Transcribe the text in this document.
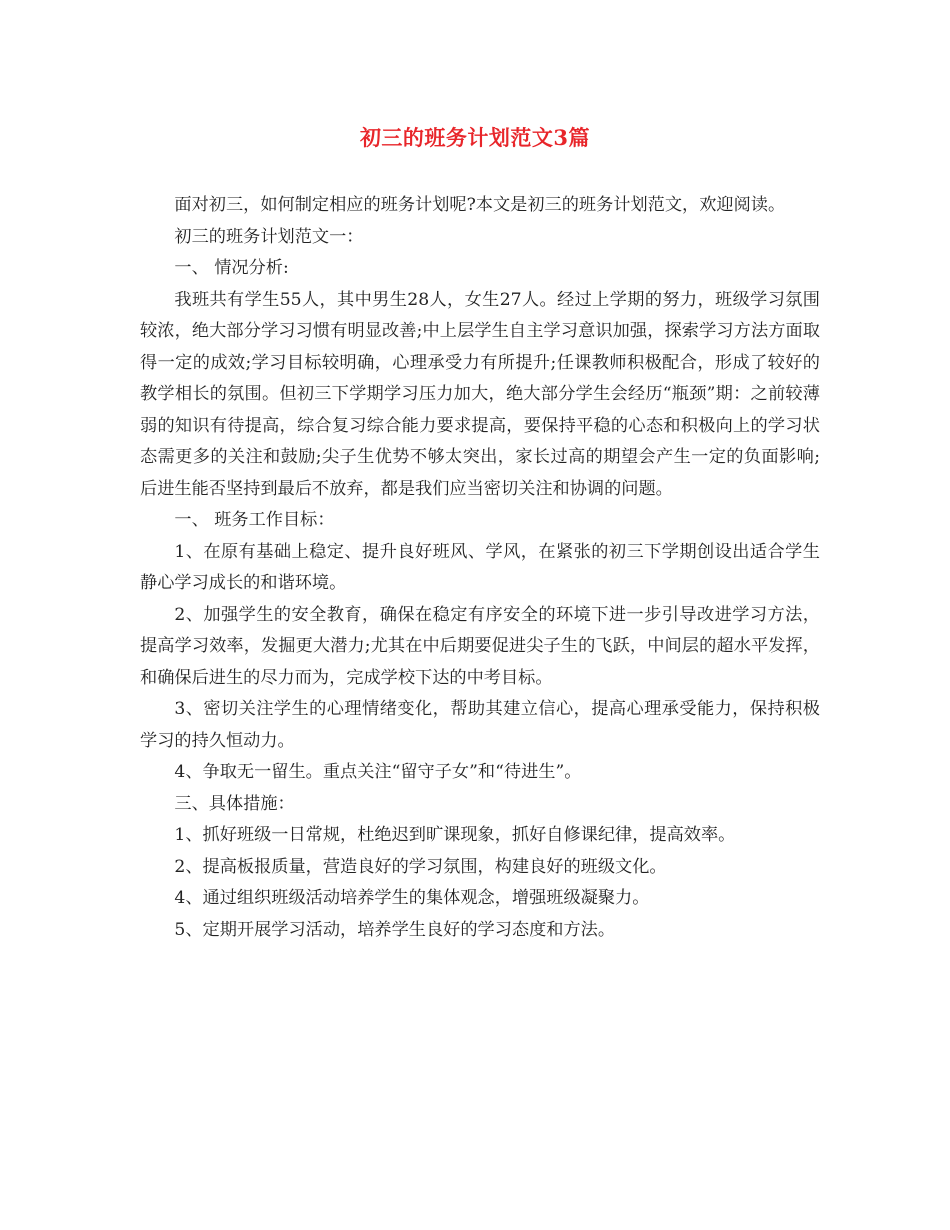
初三的班务计划范文3篇

面对初三，如何制定相应的班务计划呢?本文是初三的班务计划范文，欢迎阅读。

初三的班务计划范文一：

一、 情况分析:

我班共有学生55人，其中男生28人，女生27人。经过上学期的努力，班级学习氛围较浓，绝大部分学习习惯有明显改善;中上层学生自主学习意识加强，探索学习方法方面取得一定的成效;学习目标较明确，心理承受力有所提升;任课教师积极配合，形成了较好的教学相长的氛围。但初三下学期学习压力加大，绝大部分学生会经历“瓶颈”期：之前较薄弱的知识有待提高，综合复习综合能力要求提高，要保持平稳的心态和积极向上的学习状态需更多的关注和鼓励;尖子生优势不够太突出，家长过高的期望会产生一定的负面影响;后进生能否坚持到最后不放弃，都是我们应当密切关注和协调的问题。

一、 班务工作目标：

1、在原有基础上稳定、提升良好班风、学风，在紧张的初三下学期创设出适合学生静心学习成长的和谐环境。

2、加强学生的安全教育，确保在稳定有序安全的环境下进一步引导改进学习方法，提高学习效率，发掘更大潜力;尤其在中后期要促进尖子生的飞跃，中间层的超水平发挥，和确保后进生的尽力而为，完成学校下达的中考目标。

3、密切关注学生的心理情绪变化，帮助其建立信心，提高心理承受能力，保持积极学习的持久恒动力。

4、争取无一留生。重点关注“留守子女”和“待进生”。

三、具体措施：

1、抓好班级一日常规，杜绝迟到旷课现象，抓好自修课纪律，提高效率。

2、提高板报质量，营造良好的学习氛围，构建良好的班级文化。

4、通过组织班级活动培养学生的集体观念，增强班级凝聚力。

5、定期开展学习活动，培养学生良好的学习态度和方法。
